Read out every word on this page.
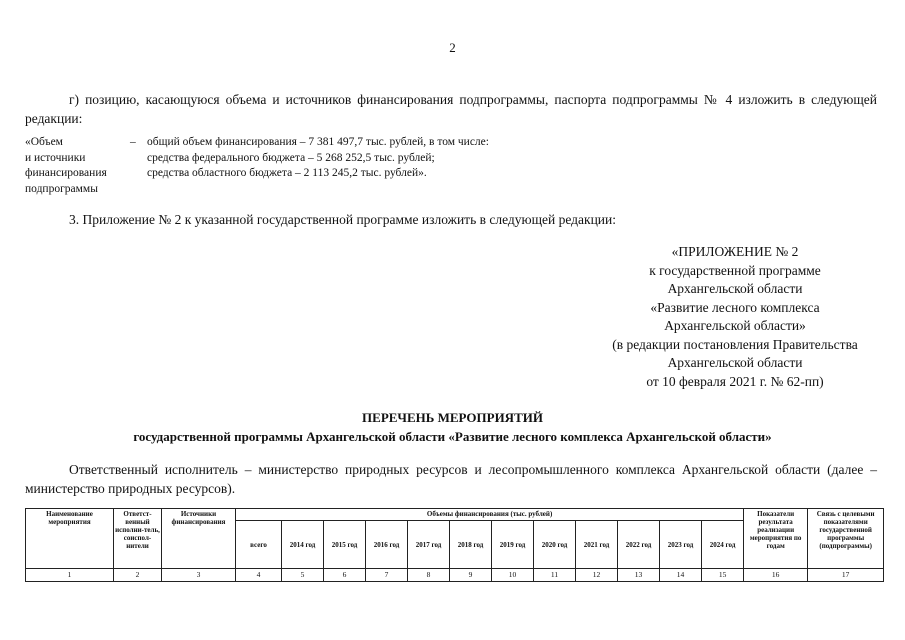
2
г) позицию, касающуюся объема и источников финансирования подпрограммы, паспорта подпрограммы № 4 изложить в следующей редакции:
«Объем
и источники
финансирования
подпрограммы
– общий объем финансирования – 7 381 497,7 тыс. рублей, в том числе:
средства федерального бюджета – 5 268 252,5 тыс. рублей;
средства областного бюджета – 2 113 245,2 тыс. рублей».
3. Приложение № 2 к указанной государственной программе изложить в следующей редакции:
«ПРИЛОЖЕНИЕ № 2
к государственной программе
Архангельской области
«Развитие лесного комплекса
Архангельской области»
(в редакции постановления Правительства
Архангельской области
от 10 февраля 2021 г. № 62-пп)
ПЕРЕЧЕНЬ МЕРОПРИЯТИЙ
государственной программы Архангельской области «Развитие лесного комплекса Архангельской области»
Ответственный исполнитель – министерство природных ресурсов и лесопромышленного комплекса Архангельской области (далее – министерство природных ресурсов).
Наименование мероприятия	Ответст-венный исполни-тель, соиспол-нители	Источники финансирования	Объемы финансирования (тыс. рублей)												Показатели результата реализации мероприятия по годам	Связь с целевыми показателями государственной программы (подпрограммы)
			всего	2014 год	2015 год	2016 год	2017 год	2018 год	2019 год	2020 год	2021 год	2022 год	2023 год	2024 год		
1	2	3	4	5	6	7	8	9	10	11	12	13	14	15	16	17
